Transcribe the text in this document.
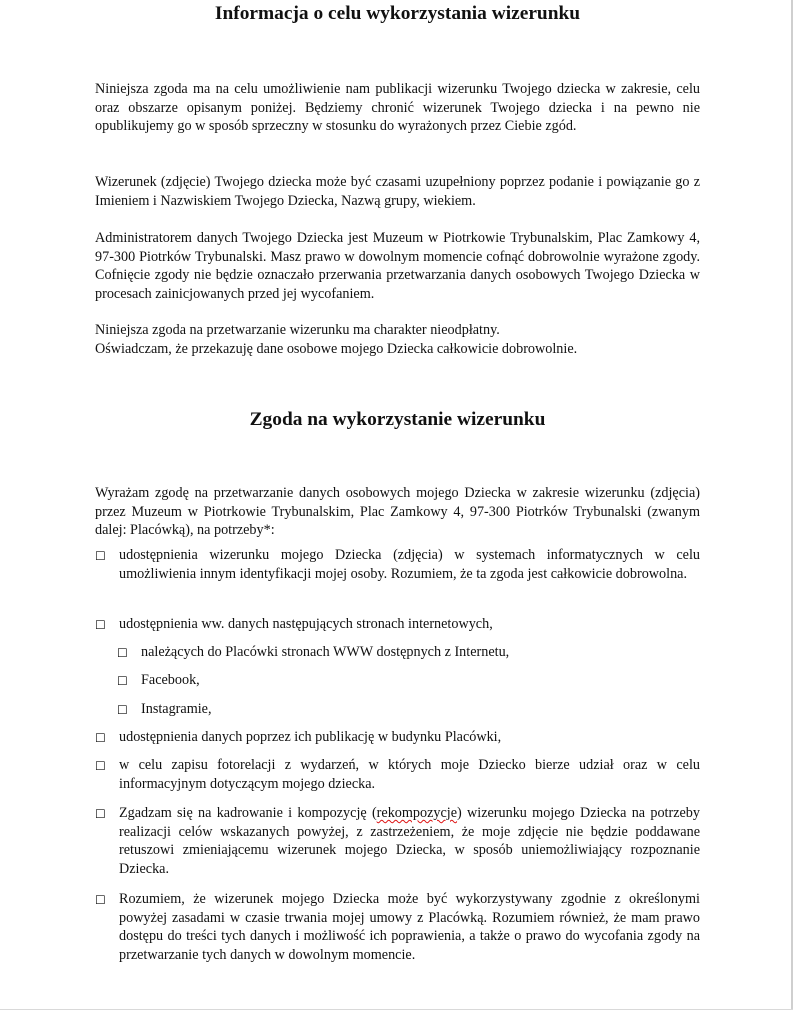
Informacja o celu wykorzystania wizerunku

Niniejsza zgoda ma na celu umożliwienie nam publikacji wizerunku Twojego dziecka w zakresie, celu oraz obszarze opisanym poniżej. Będziemy chronić wizerunek Twojego dziecka i na pewno nie opublikujemy go w sposób sprzeczny w stosunku do wyrażonych przez Ciebie zgód.

Wizerunek (zdjęcie) Twojego dziecka może być czasami uzupełniony poprzez podanie i powiązanie go z Imieniem i Nazwiskiem Twojego Dziecka, Nazwą grupy, wiekiem.

Administratorem danych Twojego Dziecka jest Muzeum w Piotrkowie Trybunalskim, Plac Zamkowy 4, 97-300 Piotrków Trybunalski. Masz prawo w dowolnym momencie cofnąć dobrowolnie wyrażone zgody. Cofnięcie zgody nie będzie oznaczało przerwania przetwarzania danych osobowych Twojego Dziecka w procesach zainicjowanych przed jej wycofaniem.

Niniejsza zgoda na przetwarzanie wizerunku ma charakter nieodpłatny.

Oświadczam, że przekazuję dane osobowe mojego Dziecka całkowicie dobrowolnie.

Zgoda na wykorzystanie wizerunku

Wyrażam zgodę na przetwarzanie danych osobowych mojego Dziecka w zakresie wizerunku (zdjęcia) przez Muzeum w Piotrkowie Trybunalskim, Plac Zamkowy 4, 97-300 Piotrków Trybunalski (zwanym dalej: Placówką), na potrzeby*:

☐ udostępnienia wizerunku mojego Dziecka (zdjęcia) w systemach informatycznych w celu umożliwienia innym identyfikacji mojej osoby. Rozumiem, że ta zgoda jest całkowicie dobrowolna.
☐ udostępnienia ww. danych następujących stronach internetowych,
☐ należących do Placówki stronach WWW dostępnych z Internetu,
☐ Facebook,
☐ Instagramie,
☐ udostępnienia danych poprzez ich publikację w budynku Placówki,
☐ w celu zapisu fotorelacji z wydarzeń, w których moje Dziecko bierze udział oraz w celu informacyjnym dotyczącym mojego dziecka.
☐ Zgadzam się na kadrowanie i kompozycję (rekompozycje) wizerunku mojego Dziecka na potrzeby realizacji celów wskazanych powyżej, z zastrzeżeniem, że moje zdjęcie nie będzie poddawane retuszowi zmieniającemu wizerunek mojego Dziecka, w sposób uniemożliwiający rozpoznanie Dziecka.
☐ Rozumiem, że wizerunek mojego Dziecka może być wykorzystywany zgodnie z określonymi powyżej zasadami w czasie trwania mojej umowy z Placówką. Rozumiem również, że mam prawo dostępu do treści tych danych i możliwość ich poprawienia, a także o prawo do wycofania zgody na przetwarzanie tych danych w dowolnym momencie.
